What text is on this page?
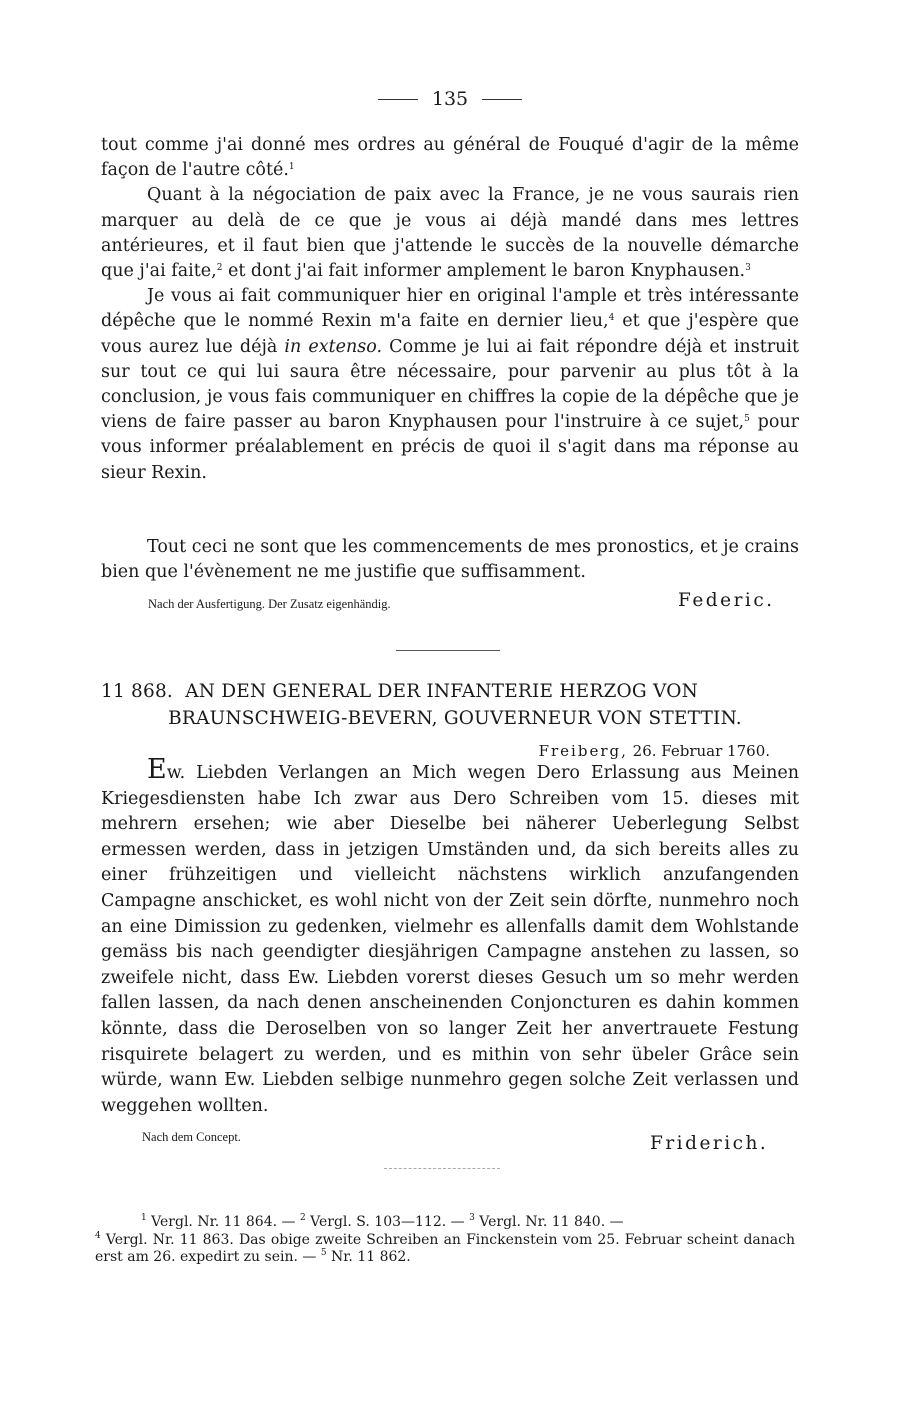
135

tout comme j'ai donné mes ordres au général de Fouqué d'agir de la même façon de l'autre côté.$^1$

Quant à la négociation de paix avec la France, je ne vous saurais rien marquer au delà de ce que je vous ai déjà mandé dans mes lettres antérieures, et il faut bien que j'attende le succès de la nouvelle démarche que j'ai faite,$^2$ et dont j'ai fait informer amplement le baron Knyphausen.$^3$

Je vous ai fait communiquer hier en original l'ample et très intéressante dépêche que le nommé Rexin m'a faite en dernier lieu,$^4$ et que j'espère que vous aurez lue déjà in extenso. Comme je lui ai fait répondre déjà et instruit sur tout ce qui lui saura être nécessaire, pour parvenir au plus tôt à la conclusion, je vous fais communiquer en chiffres la copie de la dépêche que je viens de faire passer au baron Knyphausen pour l'instruire à ce sujet,$^5$ pour vous informer préalablement en précis de quoi il s'agit dans ma réponse au sieur Rexin.

Tout ceci ne sont que les commencements de mes pronostics, et je crains bien que l'évènement ne me justifie que suffisamment.

Nach der Ausfertigung. Der Zusatz eigenhändig.	Federic.
11 868. AN DEN GENERAL DER INFANTERIE HERZOG VON
BRAUNSCHWEIG-BEVERN, GOUVERNEUR VON STETTIN.
Freiberg, 26. Februar 1760.

Ew. Liebden Verlangen an Mich wegen Dero Erlassung aus Meinen Kriegesdiensten habe Ich zwar aus Dero Schreiben vom 15. dieses mit mehrern ersehen; wie aber Dieselbe bei näherer Ueberlegung Selbst ermessen werden, dass in jetzigen Umständen und, da sich bereits alles zu einer frühzeitigen und vielleicht nächstens wirklich anzufangenden Campagne anschicket, es wohl nicht von der Zeit sein dörfte, nunmehro noch an eine Dimission zu gedenken, vielmehr es allenfalls damit dem Wohlstande gemäss bis nach geendigter diesjährigen Campagne anstehen zu lassen, so zweifele nicht, dass Ew. Liebden vorerst dieses Gesuch um so mehr werden fallen lassen, da nach denen anscheinenden Conjoncturen es dahin kommen könnte, dass die Deroselben von so langer Zeit her anvertrauete Festung risquirete belagert zu werden, und es mithin von sehr übeler Grâce sein würde, wann Ew. Liebden selbige nunmehro gegen solche Zeit verlassen und weggehen wollten.

Nach dem Concept.	Friderich.

$^1$ Vergl. Nr. 11 864. — $^2$ Vergl. S. 103—112. — $^3$ Vergl. Nr. 11 840. —

$^4$ Vergl. Nr. 11 863. Das obige zweite Schreiben an Finckenstein vom 25. Februar scheint danach erst am 26. expedirt zu sein. — $^5$ Nr. 11 862.
